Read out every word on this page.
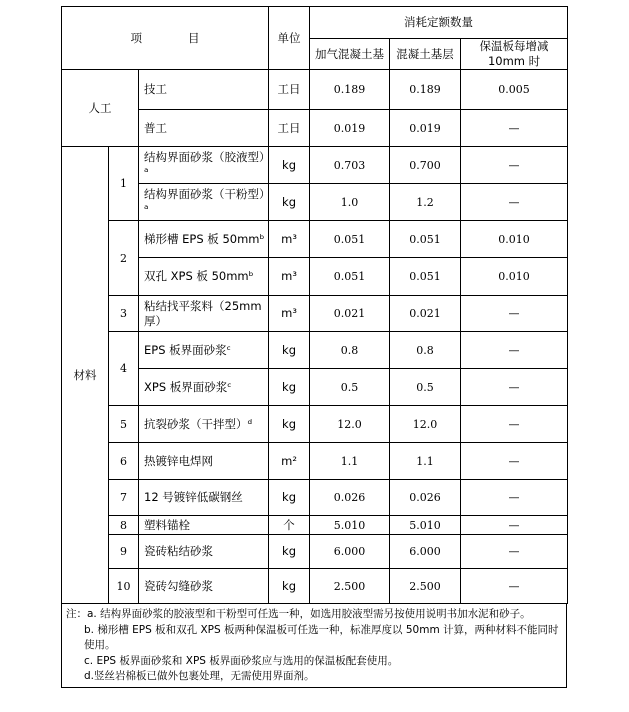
项　　　　目			单位	消耗定额数量		
				加气混凝土基	混凝土基层	保温板每增减10mm 时
人工		技工	工日	0.189	0.189	0.005
		普工	工日	0.019	0.019	—
材料	1	结构界面砂浆（胶液型）ᵃ	kg	0.703	0.700	—
		结构界面砂浆（干粉型）ᵃ	kg	1.0	1.2	—
	2	梯形槽 EPS 板 50mmᵇ	m³	0.051	0.051	0.010
		双孔 XPS 板 50mmᵇ	m³	0.051	0.051	0.010
	3	粘结找平浆料（25mm 厚）	m³	0.021	0.021	—
	4	EPS 板界面砂浆ᶜ	kg	0.8	0.8	—
		XPS 板界面砂浆ᶜ	kg	0.5	0.5	—
	5	抗裂砂浆（干拌型）ᵈ	kg	12.0	12.0	—
	6	热镀锌电焊网	m²	1.1	1.1	—
	7	12 号镀锌低碳钢丝	kg	0.026	0.026	—
	8	塑料锚栓	个	5.010	5.010	—
	9	瓷砖粘结砂浆	kg	6.000	6.000	—
	10	瓷砖勾缝砂浆	kg	2.500	2.500	—
注：a. 结构界面砂浆的胶液型和干粉型可任选一种，如选用胶液型需另按使用说明书加水泥和砂子。
b. 梯形槽 EPS 板和双孔 XPS 板两种保温板可任选一种，标准厚度以 50mm 计算，两种材料不能同时使用。
c. EPS 板界面砂浆和 XPS 板界面砂浆应与选用的保温板配套使用。
d.竖丝岩棉板已做外包裹处理，无需使用界面剂。
